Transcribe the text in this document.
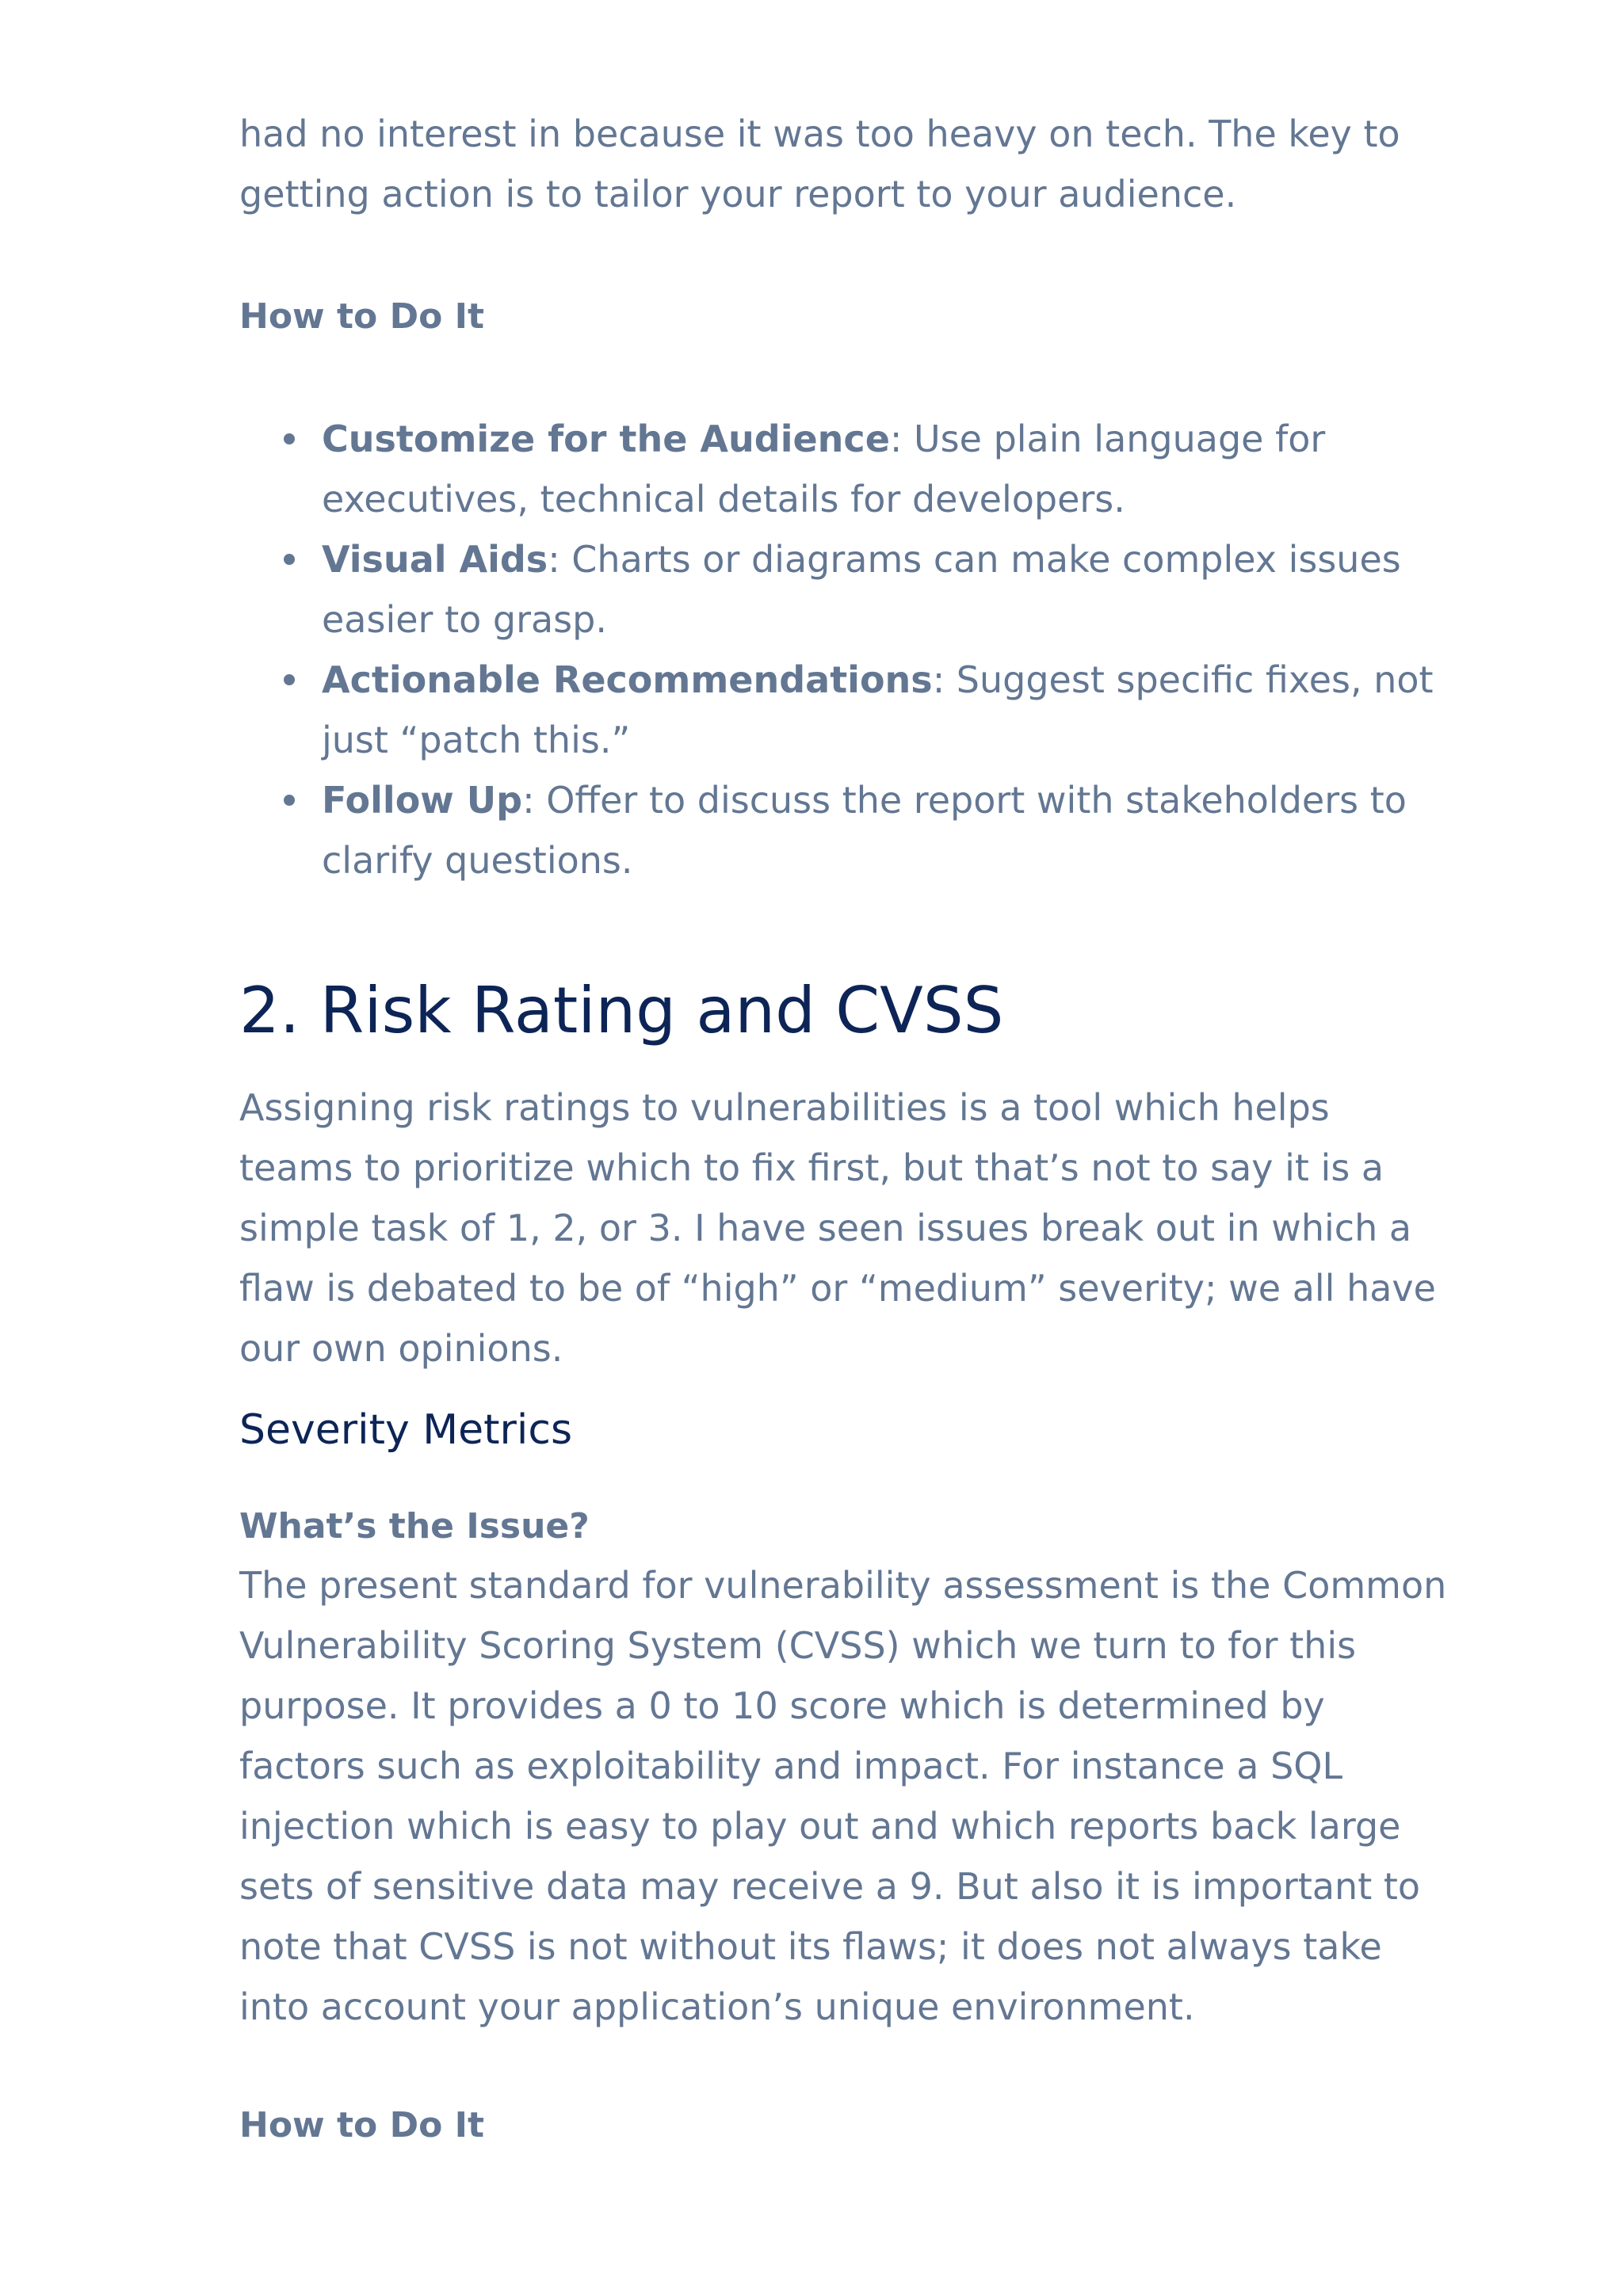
had no interest in because it was too heavy on tech. The key to getting action is to tailor your report to your audience.

How to Do It

Customize for the Audience: Use plain language for executives, technical details for developers.
Visual Aids: Charts or diagrams can make complex issues easier to grasp.
Actionable Recommendations: Suggest specific fixes, not just “patch this.”
Follow Up: Offer to discuss the report with stakeholders to clarify questions.
2. Risk Rating and CVSS

Assigning risk ratings to vulnerabilities is a tool which helps teams to prioritize which to fix first, but that’s not to say it is a simple task of 1, 2, or 3. I have seen issues break out in which a flaw is debated to be of “high” or “medium” severity; we all have our own opinions.

Severity Metrics

What’s the Issue?

The present standard for vulnerability assessment is the Common Vulnerability Scoring System (CVSS) which we turn to for this purpose. It provides a 0 to 10 score which is determined by factors such as exploitability and impact. For instance a SQL injection which is easy to play out and which reports back large sets of sensitive data may receive a 9. But also it is important to note that CVSS is not without its flaws; it does not always take into account your application’s unique environment.

How to Do It
